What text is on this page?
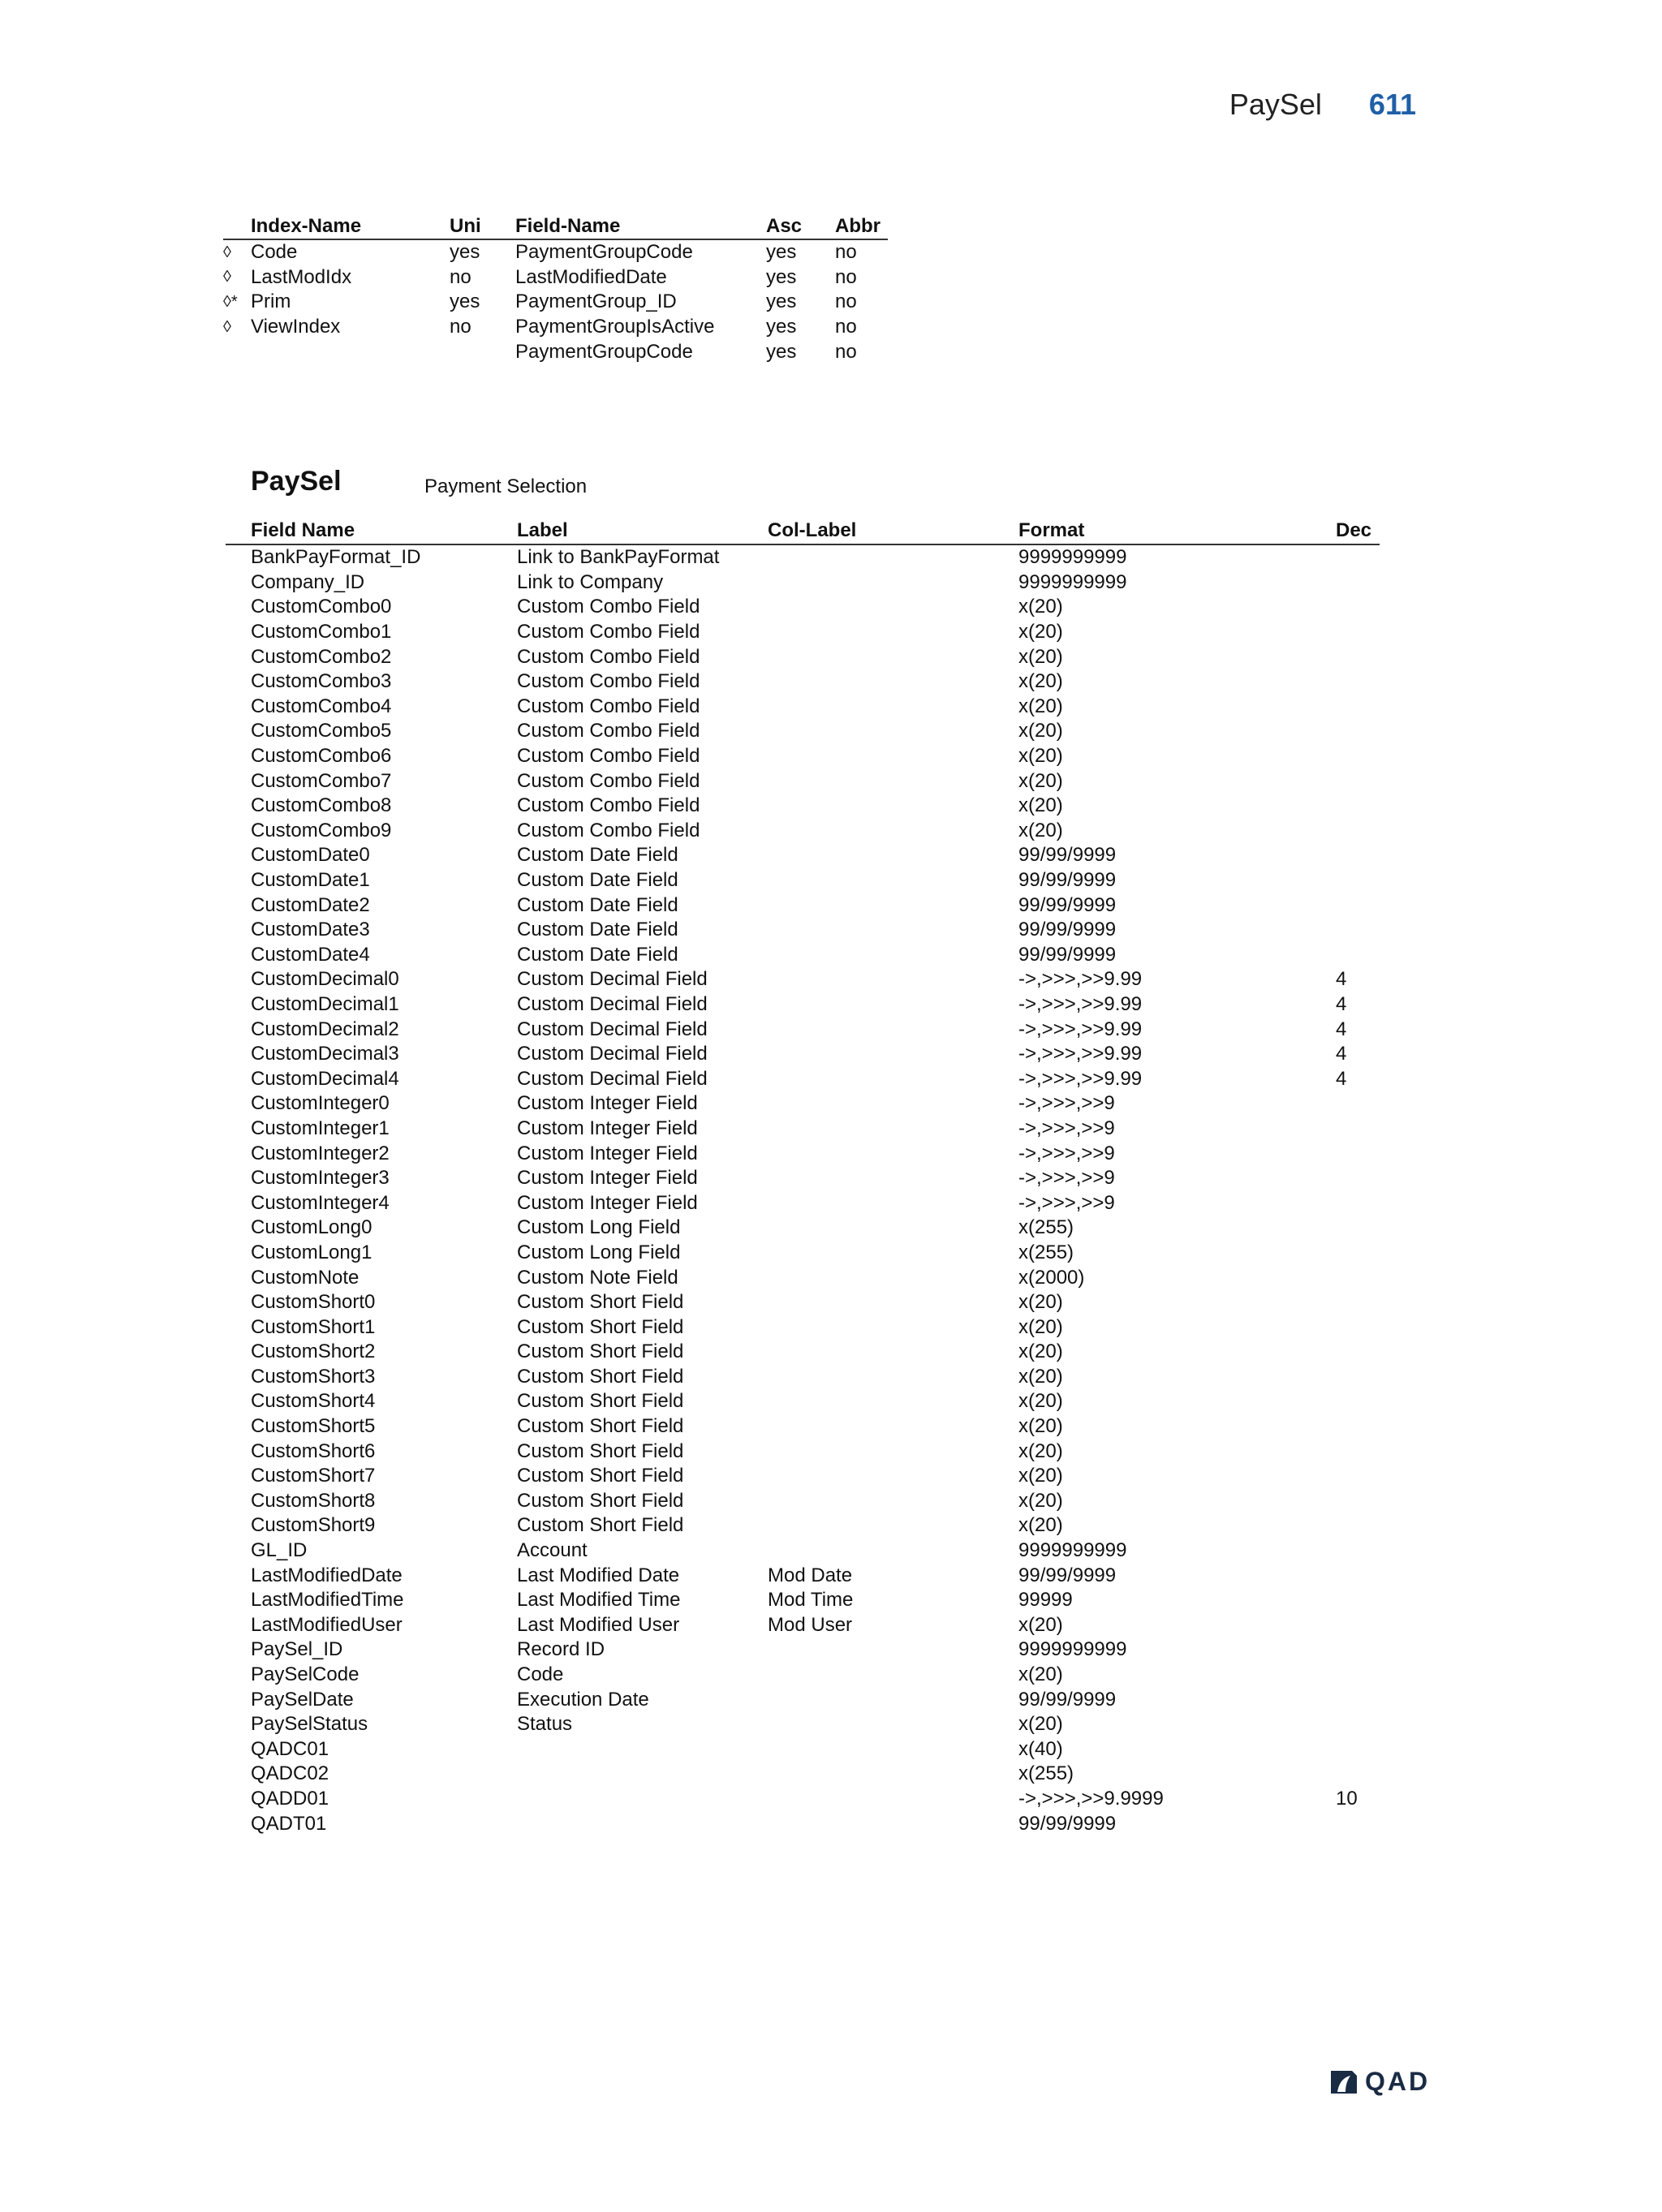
PaySel 611
	Index-Name	Uni	Field-Name	Asc	Abbr
◊	Code	yes	PaymentGroupCode	yes	no
◊	LastModIdx	no	LastModifiedDate	yes	no
◊*	Prim	yes	PaymentGroup_ID	yes	no
◊	ViewIndex	no	PaymentGroupIsActive	yes	no
			PaymentGroupCode	yes	no
PaySel	Payment Selection
	Field Name	Label	Col-Label	Format	Dec
	BankPayFormat_ID	Link to BankPayFormat		9999999999	
	Company_ID	Link to Company		9999999999	
	CustomCombo0	Custom Combo Field		x(20)	
	CustomCombo1	Custom Combo Field		x(20)	
	CustomCombo2	Custom Combo Field		x(20)	
	CustomCombo3	Custom Combo Field		x(20)	
	CustomCombo4	Custom Combo Field		x(20)	
	CustomCombo5	Custom Combo Field		x(20)	
	CustomCombo6	Custom Combo Field		x(20)	
	CustomCombo7	Custom Combo Field		x(20)	
	CustomCombo8	Custom Combo Field		x(20)	
	CustomCombo9	Custom Combo Field		x(20)	
	CustomDate0	Custom Date Field		99/99/9999	
	CustomDate1	Custom Date Field		99/99/9999	
	CustomDate2	Custom Date Field		99/99/9999	
	CustomDate3	Custom Date Field		99/99/9999	
	CustomDate4	Custom Date Field		99/99/9999	
	CustomDecimal0	Custom Decimal Field		->,>>>,>>9.99	4
	CustomDecimal1	Custom Decimal Field		->,>>>,>>9.99	4
	CustomDecimal2	Custom Decimal Field		->,>>>,>>9.99	4
	CustomDecimal3	Custom Decimal Field		->,>>>,>>9.99	4
	CustomDecimal4	Custom Decimal Field		->,>>>,>>9.99	4
	CustomInteger0	Custom Integer Field		->,>>>,>>9	
	CustomInteger1	Custom Integer Field		->,>>>,>>9	
	CustomInteger2	Custom Integer Field		->,>>>,>>9	
	CustomInteger3	Custom Integer Field		->,>>>,>>9	
	CustomInteger4	Custom Integer Field		->,>>>,>>9	
	CustomLong0	Custom Long Field		x(255)	
	CustomLong1	Custom Long Field		x(255)	
	CustomNote	Custom Note Field		x(2000)	
	CustomShort0	Custom Short Field		x(20)	
	CustomShort1	Custom Short Field		x(20)	
	CustomShort2	Custom Short Field		x(20)	
	CustomShort3	Custom Short Field		x(20)	
	CustomShort4	Custom Short Field		x(20)	
	CustomShort5	Custom Short Field		x(20)	
	CustomShort6	Custom Short Field		x(20)	
	CustomShort7	Custom Short Field		x(20)	
	CustomShort8	Custom Short Field		x(20)	
	CustomShort9	Custom Short Field		x(20)	
	GL_ID	Account		9999999999	
	LastModifiedDate	Last Modified Date	Mod Date	99/99/9999	
	LastModifiedTime	Last Modified Time	Mod Time	99999	
	LastModifiedUser	Last Modified User	Mod User	x(20)	
	PaySel_ID	Record ID		9999999999	
	PaySelCode	Code		x(20)	
	PaySelDate	Execution Date		99/99/9999	
	PaySelStatus	Status		x(20)	
	QADC01			x(40)	
	QADC02			x(255)	
	QADD01			->,>>>,>>9.9999	10
	QADT01			99/99/9999	
QAD
